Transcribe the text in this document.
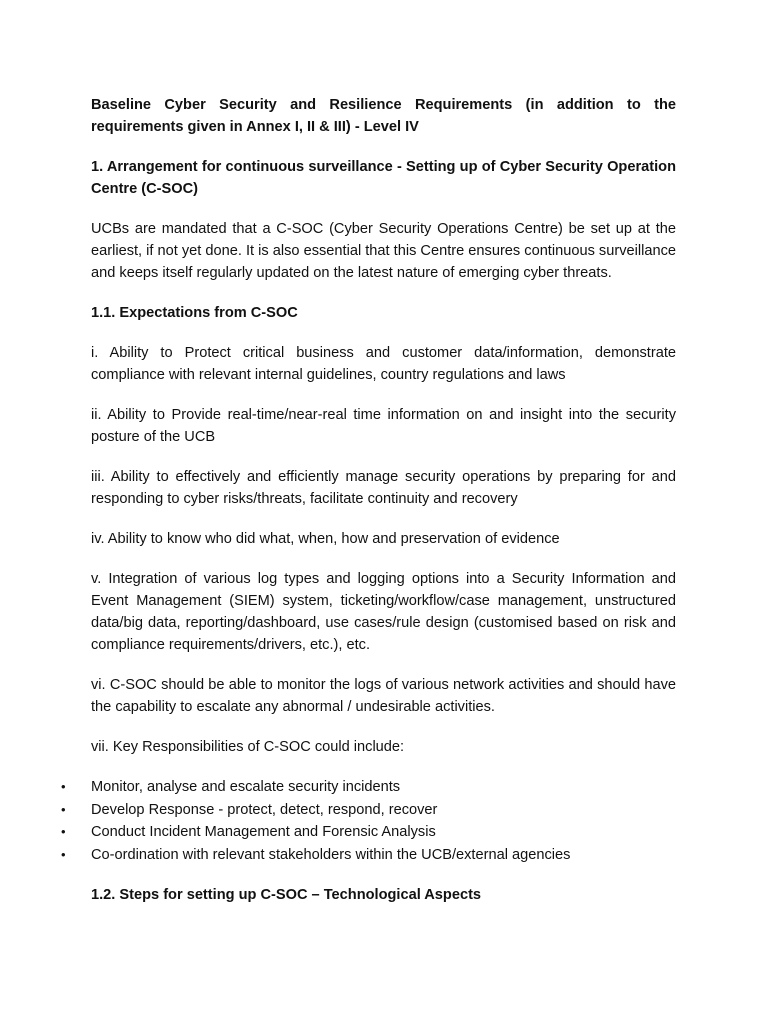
Baseline Cyber Security and Resilience Requirements (in addition to the requirements given in Annex I, II & III) - Level IV

1. Arrangement for continuous surveillance - Setting up of Cyber Security Operation Centre (C-SOC)

UCBs are mandated that a C-SOC (Cyber Security Operations Centre) be set up at the earliest, if not yet done. It is also essential that this Centre ensures continuous surveillance and keeps itself regularly updated on the latest nature of emerging cyber threats.

1.1. Expectations from C-SOC

i. Ability to Protect critical business and customer data/information, demonstrate compliance with relevant internal guidelines, country regulations and laws

ii. Ability to Provide real-time/near-real time information on and insight into the security posture of the UCB

iii. Ability to effectively and efficiently manage security operations by preparing for and responding to cyber risks/threats, facilitate continuity and recovery

iv. Ability to know who did what, when, how and preservation of evidence

v. Integration of various log types and logging options into a Security Information and Event Management (SIEM) system, ticketing/workflow/case management, unstructured data/big data, reporting/dashboard, use cases/rule design (customised based on risk and compliance requirements/drivers, etc.), etc.

vi. C-SOC should be able to monitor the logs of various network activities and should have the capability to escalate any abnormal / undesirable activities.

vii. Key Responsibilities of C-SOC could include:

•	Monitor, analyse and escalate security incidents
•	Develop Response - protect, detect, respond, recover
•	Conduct Incident Management and Forensic Analysis
•	Co-ordination with relevant stakeholders within the UCB/external agencies

1.2. Steps for setting up C-SOC – Technological Aspects
